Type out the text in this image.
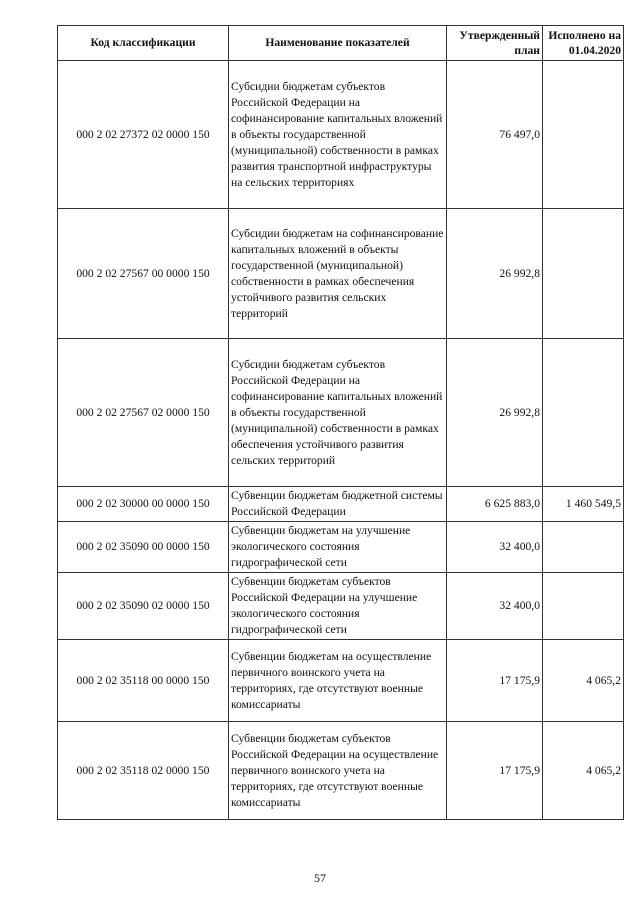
Код классификации	Наименование показателей	Утвержденный план	Исполнено на 01.04.2020
000 2 02 27372 02 0000 150	Субсидии бюджетам субъектов Российской Федерации на софинансирование капитальных вложений в объекты государственной (муниципальной) собственности в рамках развития транспортной инфраструктуры на сельских территориях	76 497,0	
000 2 02 27567 00 0000 150	Субсидии бюджетам на софинансирование капитальных вложений в объекты государственной (муниципальной) собственности в рамках обеспечения устойчивого развития сельских территорий	26 992,8	
000 2 02 27567 02 0000 150	Субсидии бюджетам субъектов Российской Федерации на софинансирование капитальных вложений в объекты государственной (муниципальной) собственности в рамках обеспечения устойчивого развития сельских территорий	26 992,8	
000 2 02 30000 00 0000 150	Субвенции бюджетам бюджетной системы Российской Федерации	6 625 883,0	1 460 549,5
000 2 02 35090 00 0000 150	Субвенции бюджетам на улучшение экологического состояния гидрографической сети	32 400,0	
000 2 02 35090 02 0000 150	Субвенции бюджетам субъектов Российской Федерации на улучшение экологического состояния гидрографической сети	32 400,0	
000 2 02 35118 00 0000 150	Субвенции бюджетам на осуществление первичного воинского учета на территориях, где отсутствуют военные комиссариаты	17 175,9	4 065,2
000 2 02 35118 02 0000 150	Субвенции бюджетам субъектов Российской Федерации на осуществление первичного воинского учета на территориях, где отсутствуют военные комиссариаты	17 175,9	4 065,2
57
